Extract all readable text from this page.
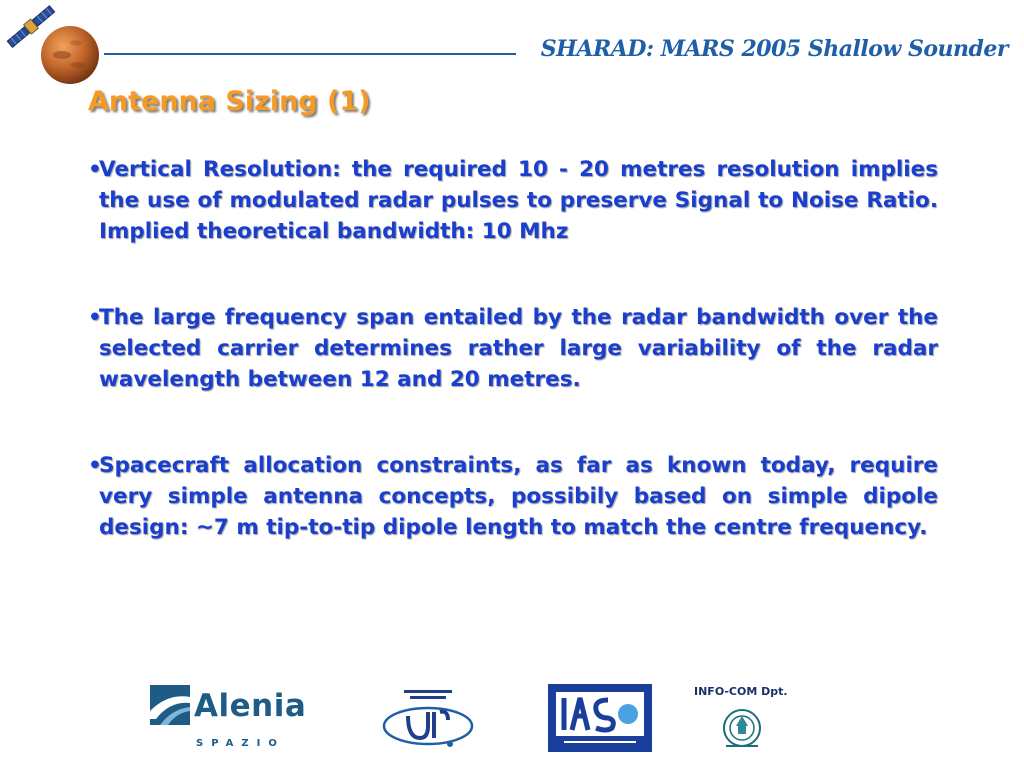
SHARAD: MARS 2005 Shallow Sounder
Antenna Sizing (1)
•
Vertical Resolution: the required 10 - 20 metres resolution implies the use of modulated radar pulses to preserve Signal to Noise Ratio. Implied theoretical bandwidth: 10 Mhz
•
The large frequency span entailed by the radar bandwidth over the selected carrier determines rather large variability of the radar wavelength between 12 and 20 metres.
•
Spacecraft allocation constraints, as far as known today, require very simple antenna concepts, possibily based on simple dipole design: ~7 m tip-to-tip dipole length to match the centre frequency.
Alenia
SPAZIO
INFO-COM Dpt.
